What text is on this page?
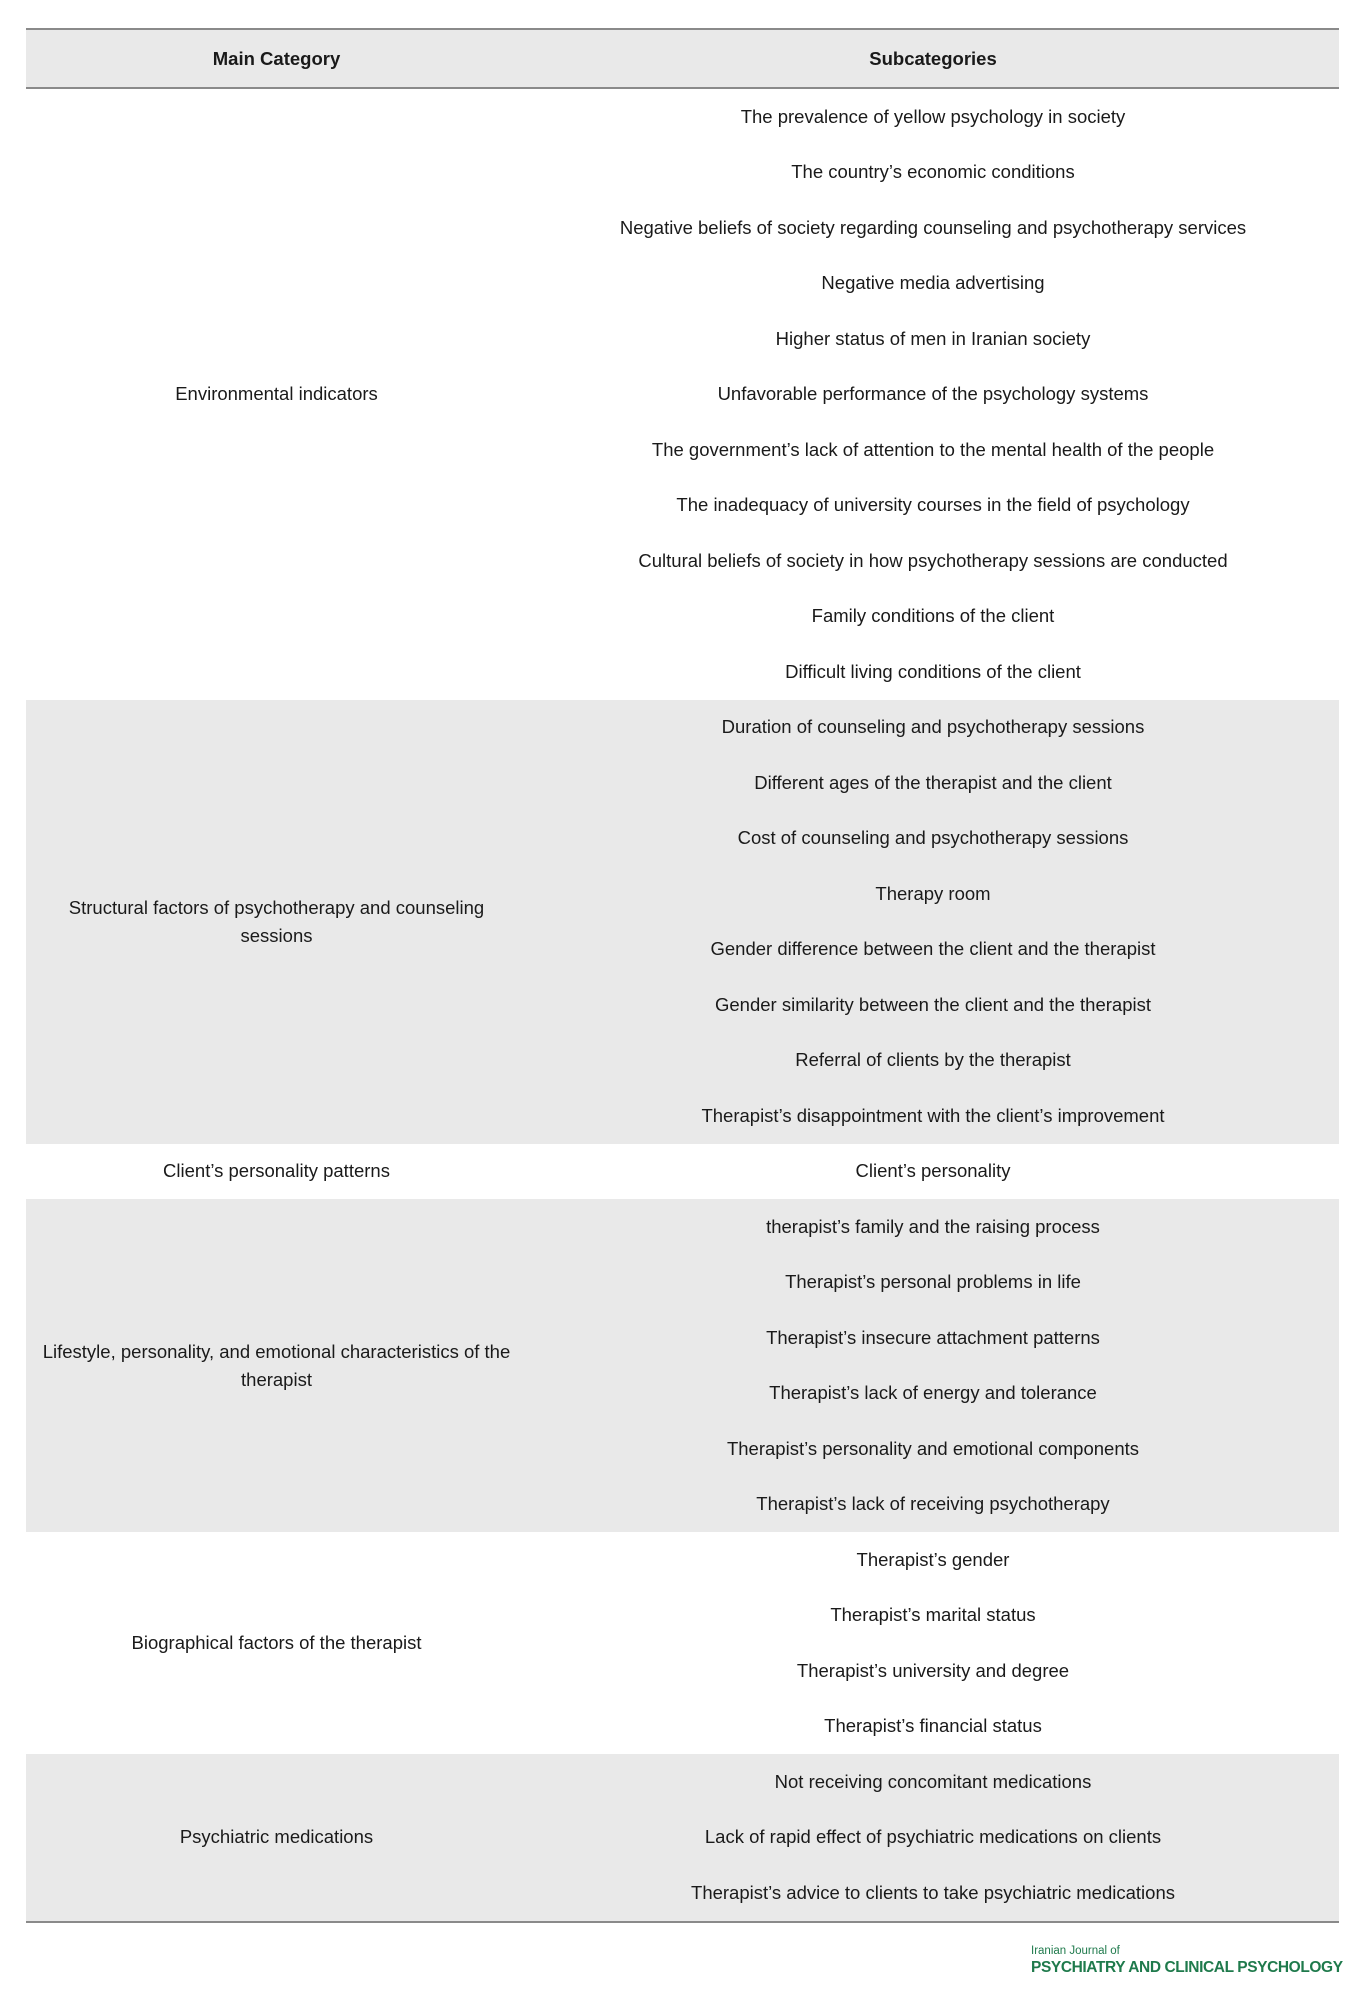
Main Category	Subcategories
Environmental indicators
The prevalence of yellow psychology in society
The country’s economic conditions
Negative beliefs of society regarding counseling and psychotherapy services
Negative media advertising
Higher status of men in Iranian society
Unfavorable performance of the psychology systems
The government’s lack of attention to the mental health of the people
The inadequacy of university courses in the field of psychology
Cultural beliefs of society in how psychotherapy sessions are conducted
Family conditions of the client
Difficult living conditions of the client
Structural factors of psychotherapy and counseling sessions
Duration of counseling and psychotherapy sessions
Different ages of the therapist and the client
Cost of counseling and psychotherapy sessions
Therapy room
Gender difference between the client and the therapist
Gender similarity between the client and the therapist
Referral of clients by the therapist
Therapist’s disappointment with the client’s improvement
Client’s personality patterns	Client’s personality
Lifestyle, personality, and emotional characteristics of the therapist
therapist’s family and the raising process
Therapist’s personal problems in life
Therapist’s insecure attachment patterns
Therapist’s lack of energy and tolerance
Therapist’s personality and emotional components
Therapist’s lack of receiving psychotherapy
Biographical factors of the therapist
Therapist’s gender
Therapist’s marital status
Therapist’s university and degree
Therapist’s financial status
Psychiatric medications
Not receiving concomitant medications
Lack of rapid effect of psychiatric medications on clients
Therapist’s advice to clients to take psychiatric medications
Iranian Journal of
PSYCHIATRY AND CLINICAL PSYCHOLOGY
